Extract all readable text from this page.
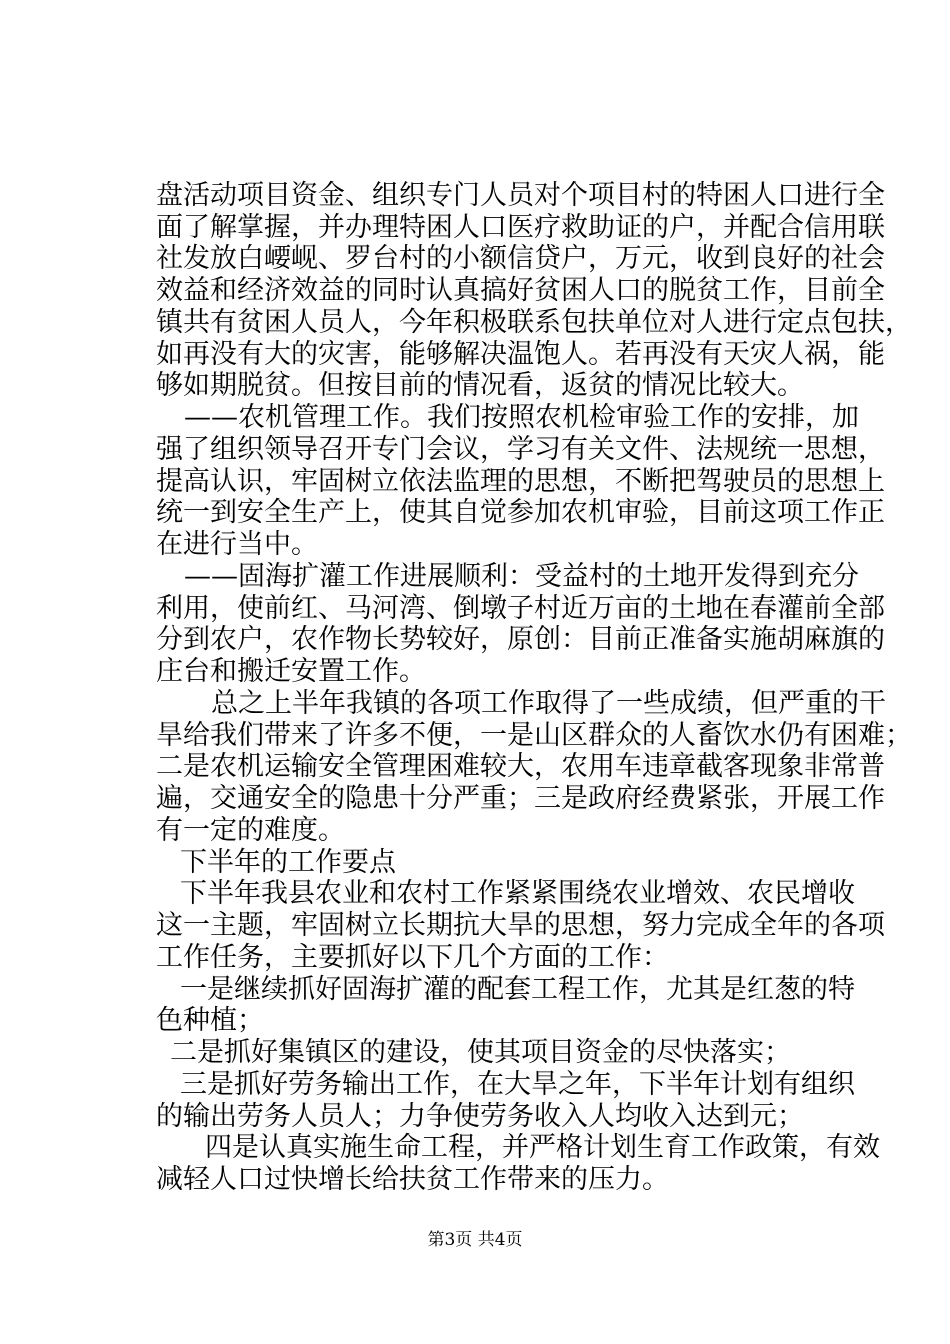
盘活动项目资金、组织专门人员对个项目村的特困人口进行全
面了解掌握，并办理特困人口医疗救助证的户，并配合信用联
社发放白崾岘、罗台村的小额信贷户，万元，收到良好的社会
效益和经济效益的同时认真搞好贫困人口的脱贫工作，目前全
镇共有贫困人员人，今年积极联系包扶单位对人进行定点包扶，
如再没有大的灾害，能够解决温饱人。若再没有天灾人祸，能
够如期脱贫。但按目前的情况看，返贫的情况比较大。
——农机管理工作。我们按照农机检审验工作的安排，加
强了组织领导召开专门会议，学习有关文件、法规统一思想，
提高认识，牢固树立依法监理的思想，不断把驾驶员的思想上
统一到安全生产上，使其自觉参加农机审验，目前这项工作正
在进行当中。
——固海扩灌工作进展顺利：受益村的土地开发得到充分
利用，使前红、马河湾、倒墩子村近万亩的土地在春灌前全部
分到农户，农作物长势较好，原创：目前正准备实施胡麻旗的
庄台和搬迁安置工作。
总之上半年我镇的各项工作取得了一些成绩，但严重的干
旱给我们带来了许多不便，一是山区群众的人畜饮水仍有困难；
二是农机运输安全管理困难较大，农用车违章截客现象非常普
遍，交通安全的隐患十分严重；三是政府经费紧张，开展工作
有一定的难度。
下半年的工作要点
下半年我县农业和农村工作紧紧围绕农业增效、农民增收
这一主题，牢固树立长期抗大旱的思想，努力完成全年的各项
工作任务，主要抓好以下几个方面的工作：
一是继续抓好固海扩灌的配套工程工作，尤其是红葱的特
色种植；
二是抓好集镇区的建设，使其项目资金的尽快落实；
三是抓好劳务输出工作，在大旱之年，下半年计划有组织
的输出劳务人员人；力争使劳务收入人均收入达到元；
四是认真实施生命工程，并严格计划生育工作政策，有效
减轻人口过快增长给扶贫工作带来的压力。
第3页 共4页
